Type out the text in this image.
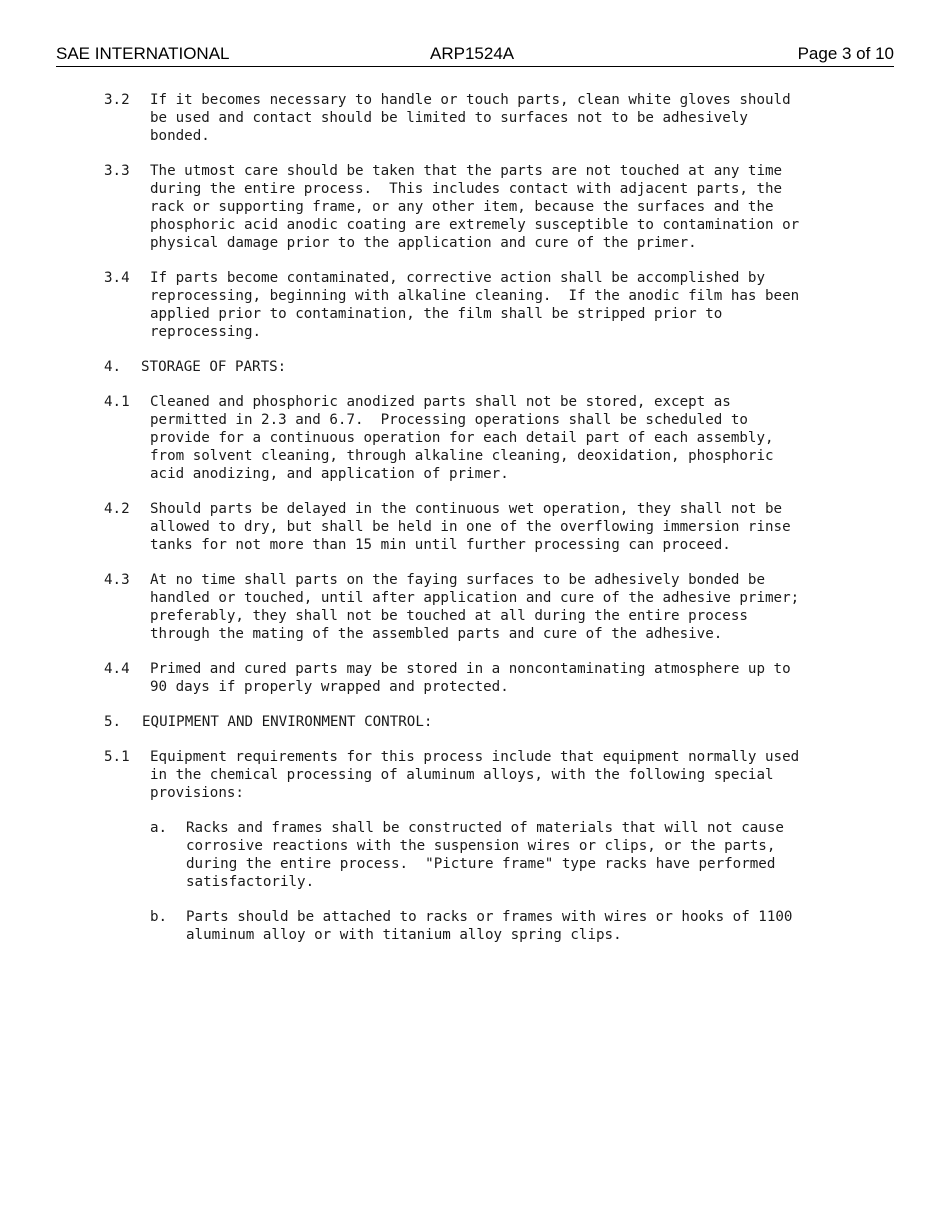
SAE INTERNATIONAL	ARP1524A	Page 3 of 10
3.2	If it becomes necessary to handle or touch parts, clean white gloves should
be used and contact should be limited to surfaces not to be adhesively
bonded.
3.3	The utmost care should be taken that the parts are not touched at any time
during the entire process.  This includes contact with adjacent parts, the
rack or supporting frame, or any other item, because the surfaces and the
phosphoric acid anodic coating are extremely susceptible to contamination or
physical damage prior to the application and cure of the primer.
3.4	If parts become contaminated, corrective action shall be accomplished by
reprocessing, beginning with alkaline cleaning.  If the anodic film has been
applied prior to contamination, the film shall be stripped prior to
reprocessing.
4.	STORAGE OF PARTS:
4.1	Cleaned and phosphoric anodized parts shall not be stored, except as
permitted in 2.3 and 6.7.  Processing operations shall be scheduled to
provide for a continuous operation for each detail part of each assembly,
from solvent cleaning, through alkaline cleaning, deoxidation, phosphoric
acid anodizing, and application of primer.
4.2	Should parts be delayed in the continuous wet operation, they shall not be
allowed to dry, but shall be held in one of the overflowing immersion rinse
tanks for not more than 15 min until further processing can proceed.
4.3	At no time shall parts on the faying surfaces to be adhesively bonded be
handled or touched, until after application and cure of the adhesive primer;
preferably, they shall not be touched at all during the entire process
through the mating of the assembled parts and cure of the adhesive.
4.4	Primed and cured parts may be stored in a noncontaminating atmosphere up to
90 days if properly wrapped and protected.
5.	EQUIPMENT AND ENVIRONMENT CONTROL:
5.1	Equipment requirements for this process include that equipment normally used
in the chemical processing of aluminum alloys, with the following special
provisions:
a.	Racks and frames shall be constructed of materials that will not cause
corrosive reactions with the suspension wires or clips, or the parts,
during the entire process.  "Picture frame" type racks have performed
satisfactorily.
b.	Parts should be attached to racks or frames with wires or hooks of 1100
aluminum alloy or with titanium alloy spring clips.
